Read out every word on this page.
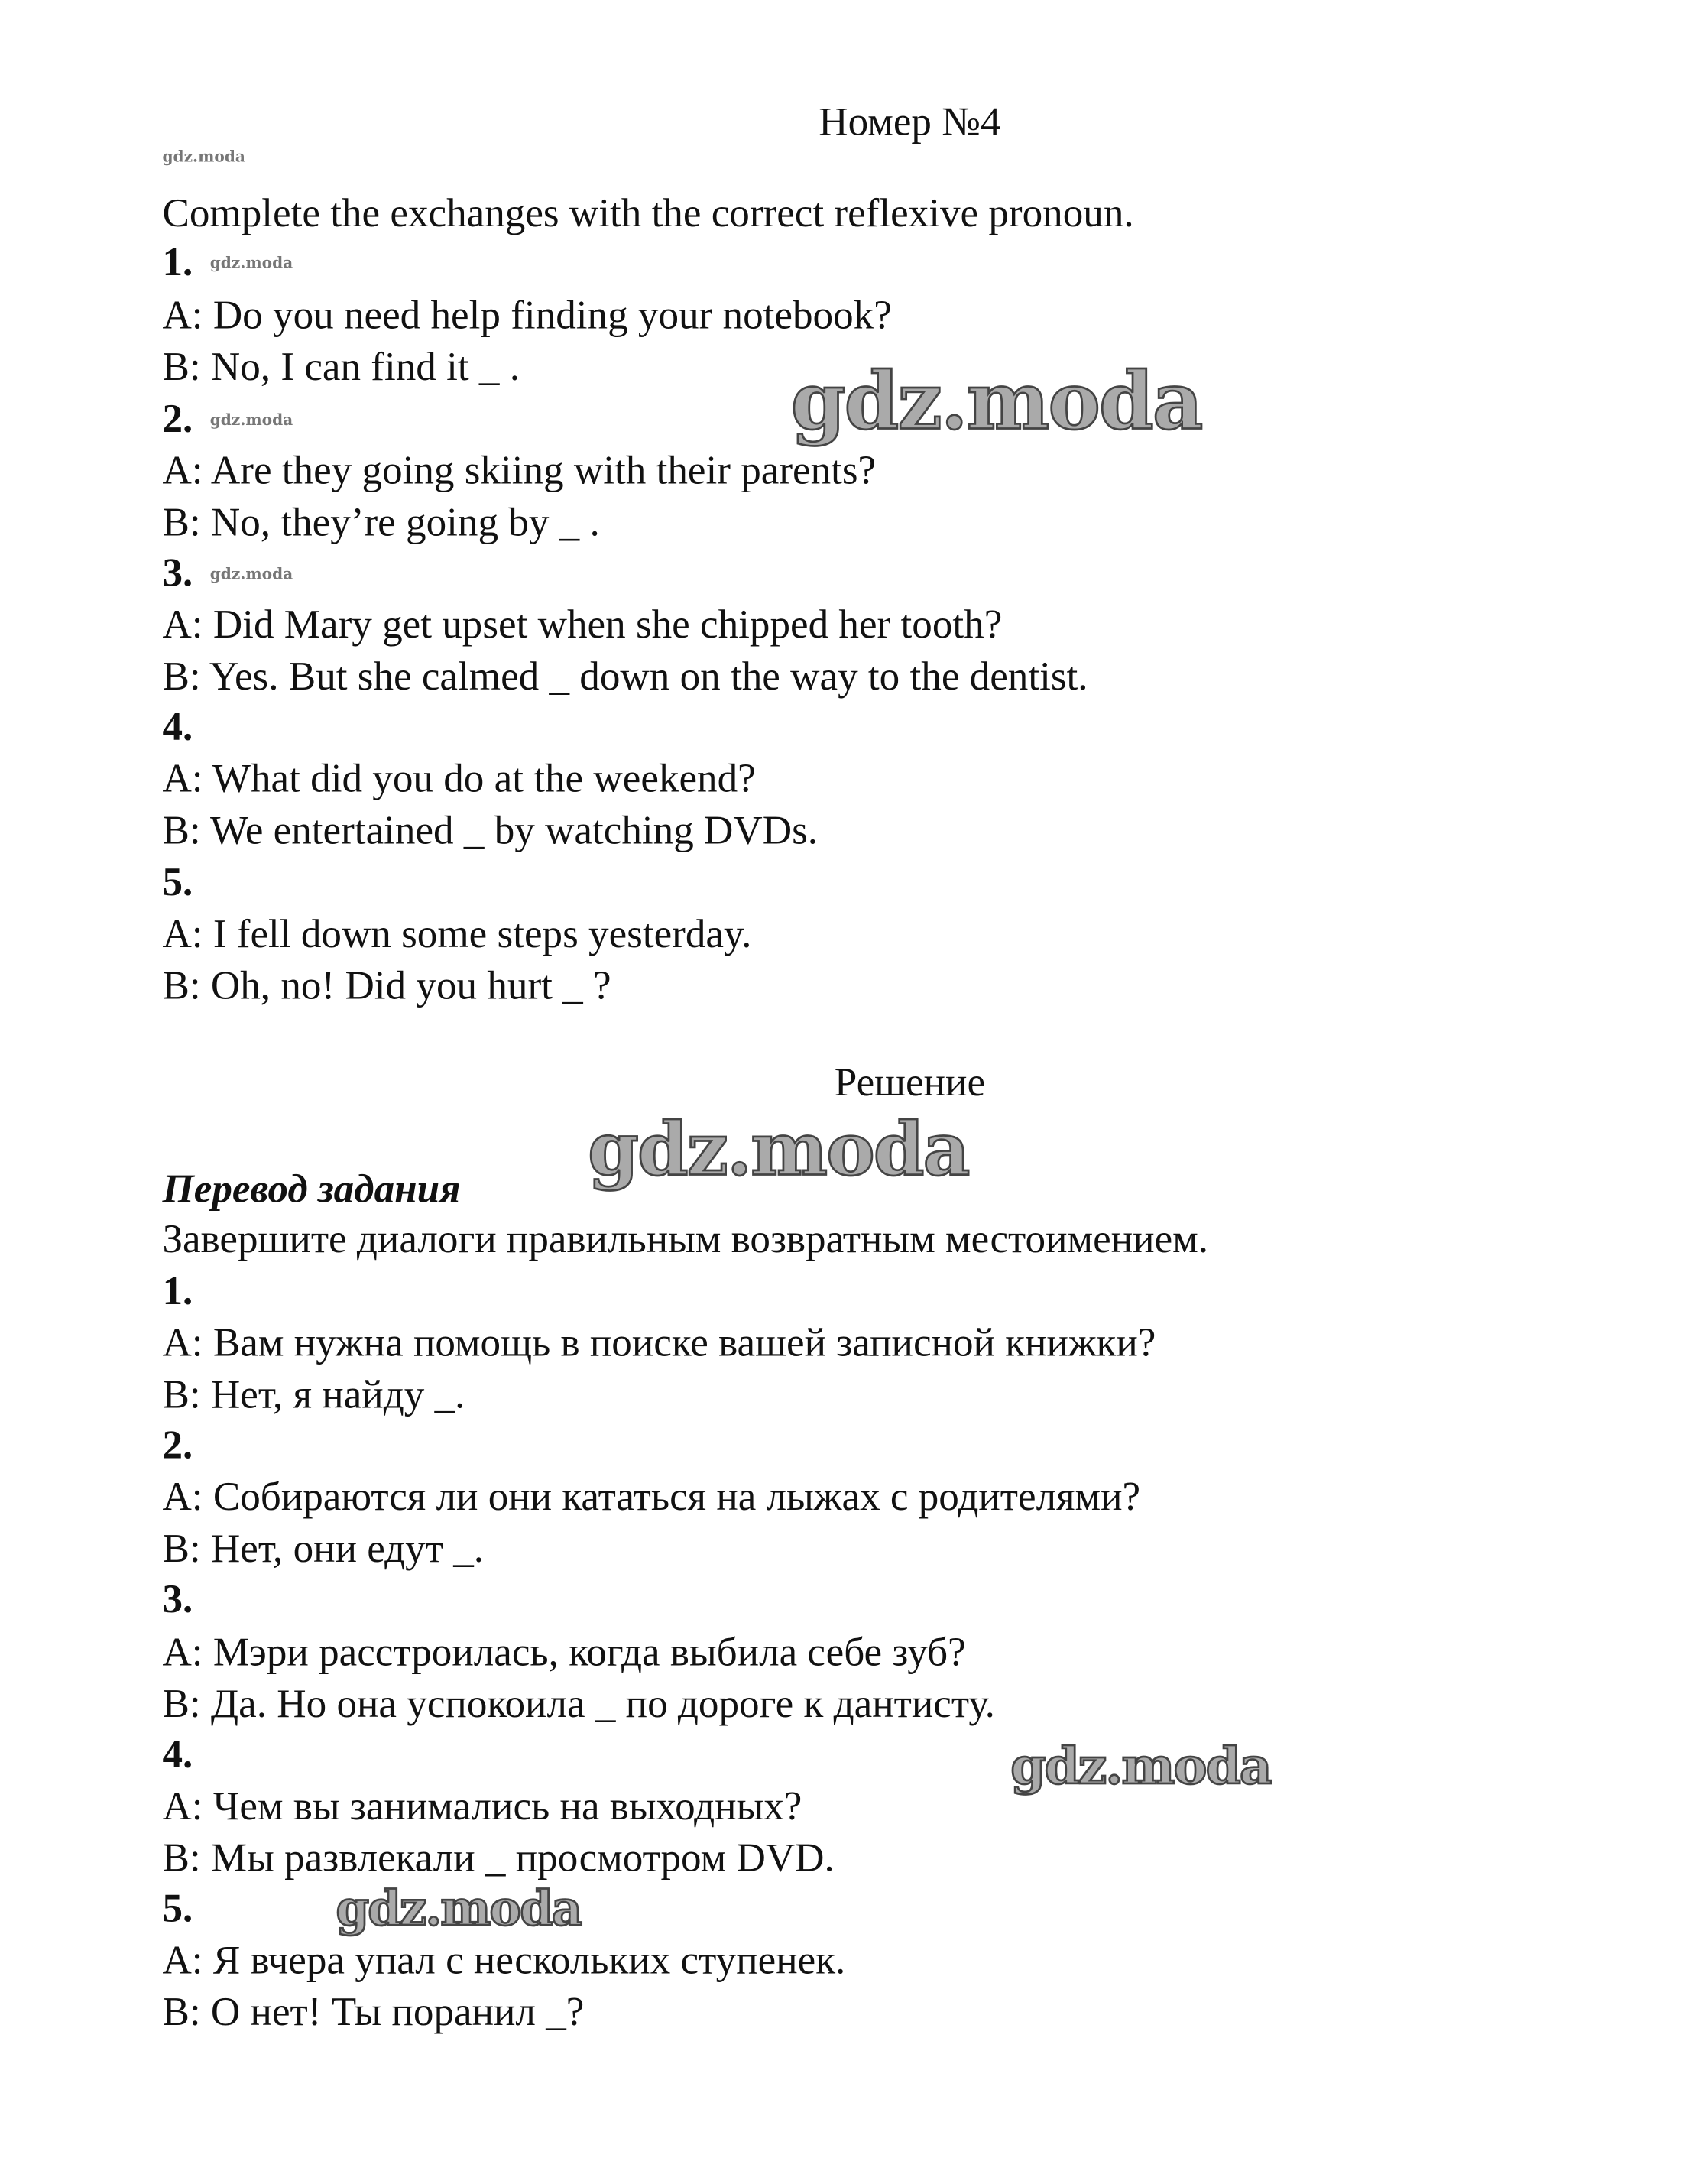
Номер №4
gdz.moda
Complete the exchanges with the correct reflexive pronoun.
1. gdz.moda
A: Do you need help finding your notebook?
B: No, I can find it _ .	gdz.moda
2. gdz.moda
A: Are they going skiing with their parents?
B: No, they’re going by _ .
3. gdz.moda
A: Did Mary get upset when she chipped her tooth?
B: Yes. But she calmed _ down on the way to the dentist.
4.
A: What did you do at the weekend?
B: We entertained _ by watching DVDs.
5.
A: I fell down some steps yesterday.
B: Oh, no! Did you hurt _ ?
Решение
gdz.moda
Перевод задания
Завершите диалоги правильным возвратным местоимением.
1.
A: Вам нужна помощь в поиске вашей записной книжки?
B: Нет, я найду _.
2.
A: Собираются ли они кататься на лыжах с родителями?
B: Нет, они едут _.
3.
A: Мэри расстроилась, когда выбила себе зуб?
B: Да. Но она успокоила _ по дороге к дантисту.
4.	gdz.moda
A: Чем вы занимались на выходных?
B: Мы развлекали _ просмотром DVD.
5.	gdz.moda
A: Я вчера упал с нескольких ступенек.
B: О нет! Ты поранил _?
